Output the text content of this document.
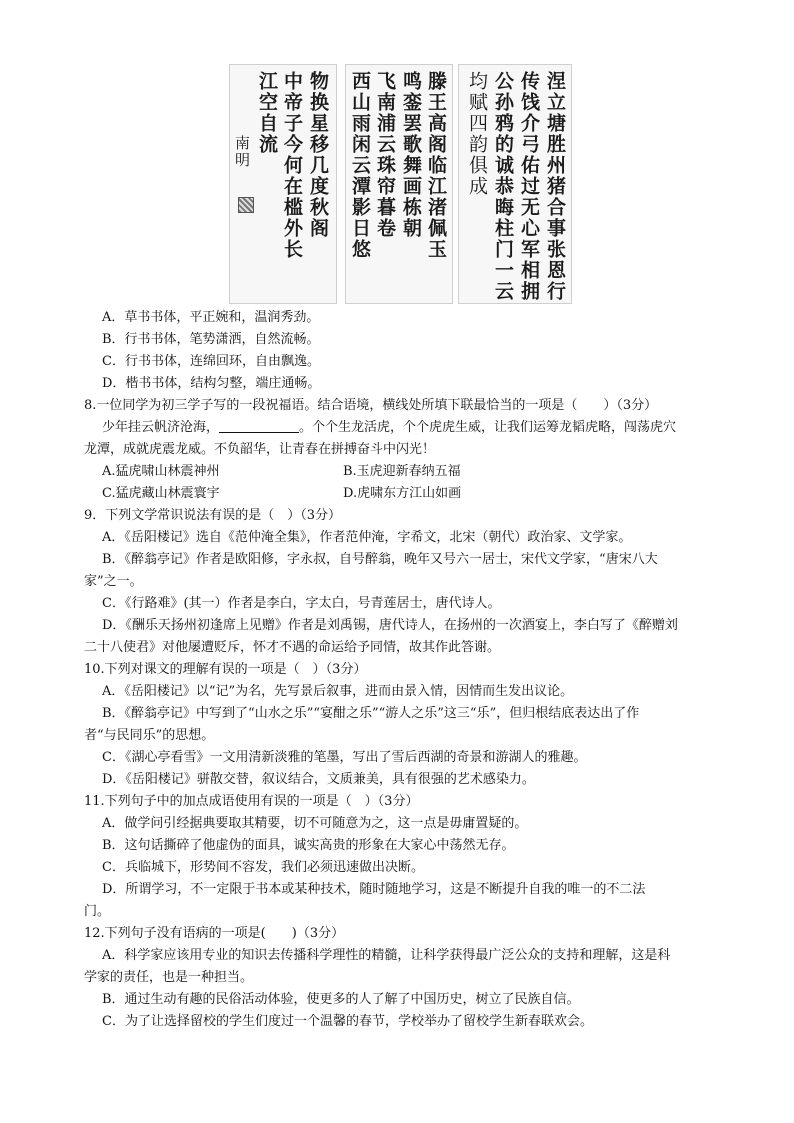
物换星移几度秋阁
中帝子今何在槛外长
江空自流
南明	滕王高阁临江渚佩玉
鸣銮罢歌舞画栋朝
飞南浦云珠帘暮卷
西山雨闲云潭影日悠	涅立塘胜州猪合事张恩行
传饯介弓佑过无心军相拥
公孙鸦的诚恭晦柱门一云
均赋四韵俱成
A．草书书体，平正婉和，温润秀劲。
B．行书书体，笔势潇洒，自然流畅。
C．行书书体，连绵回环，自由飘逸。
D．楷书书体，结构匀整，端庄通畅。
8.一位同学为初三学子写的一段祝福语。结合语境，横线处所填下联最恰当的一项是（　　）（3分）
少年挂云帆济沧海，	。个个生龙活虎，个个虎虎生威，让我们运筹龙韬虎略，闯荡虎穴
龙潭，成就虎震龙威。不负韶华，让青春在拼搏奋斗中闪光！
A.猛虎啸山林震神州	B.玉虎迎新春纳五福
C.猛虎藏山林震寰宇	D.虎啸东方江山如画
9．下列文学常识说法有误的是（　）（3分）
A．《岳阳楼记》选自《范仲淹全集》，作者范仲淹，字希文，北宋（朝代）政治家、文学家。
B．《醉翁亭记》作者是欧阳修，字永叔，自号醉翁，晚年又号六一居士，宋代文学家，“唐宋八大
家”之一。
C．《行路难》(其一）作者是李白，字太白，号青莲居士，唐代诗人。
D．《酬乐天扬州初逢席上见赠》作者是刘禹锡，唐代诗人，在扬州的一次酒宴上，李白写了《醉赠刘
二十八使君》对他屡遭贬斥，怀才不遇的命运给予同情，故其作此答谢。
10.下列对课文的理解有误的一项是（　）（3分）
A．《岳阳楼记》以“记”为名，先写景后叙事，进而由景入情，因情而生发出议论。
B．《醉翁亭记》中写到了“山水之乐”“宴酣之乐”“游人之乐”这三“乐”，但归根结底表达出了作
者“与民同乐”的思想。
C．《湖心亭看雪》一文用清新淡雅的笔墨，写出了雪后西湖的奇景和游湖人的雅趣。
D．《岳阳楼记》骈散交替，叙议结合，文质兼美，具有很强的艺术感染力。
11.下列句子中的加点成语使用有误的一项是（　）（3分）
A．做学问引经据典要取其精要，切不可随意为之，这一点是毋庸置疑的。
B．这句话撕碎了他虚伪的面具，诚实高贵的形象在大家心中荡然无存。
C．兵临城下，形势间不容发，我们必须迅速做出决断。
D．所谓学习，不一定限于书本或某种技术，随时随地学习，这是不断提升自我的唯一的不二法
门。
12.下列句子没有语病的一项是(　　)（3分）
A．科学家应该用专业的知识去传播科学理性的精髓，让科学获得最广泛公众的支持和理解，这是科
学家的责任，也是一种担当。
B．通过生动有趣的民俗活动体验，使更多的人了解了中国历史，树立了民族自信。
C．为了让选择留校的学生们度过一个温馨的春节，学校举办了留校学生新春联欢会。
